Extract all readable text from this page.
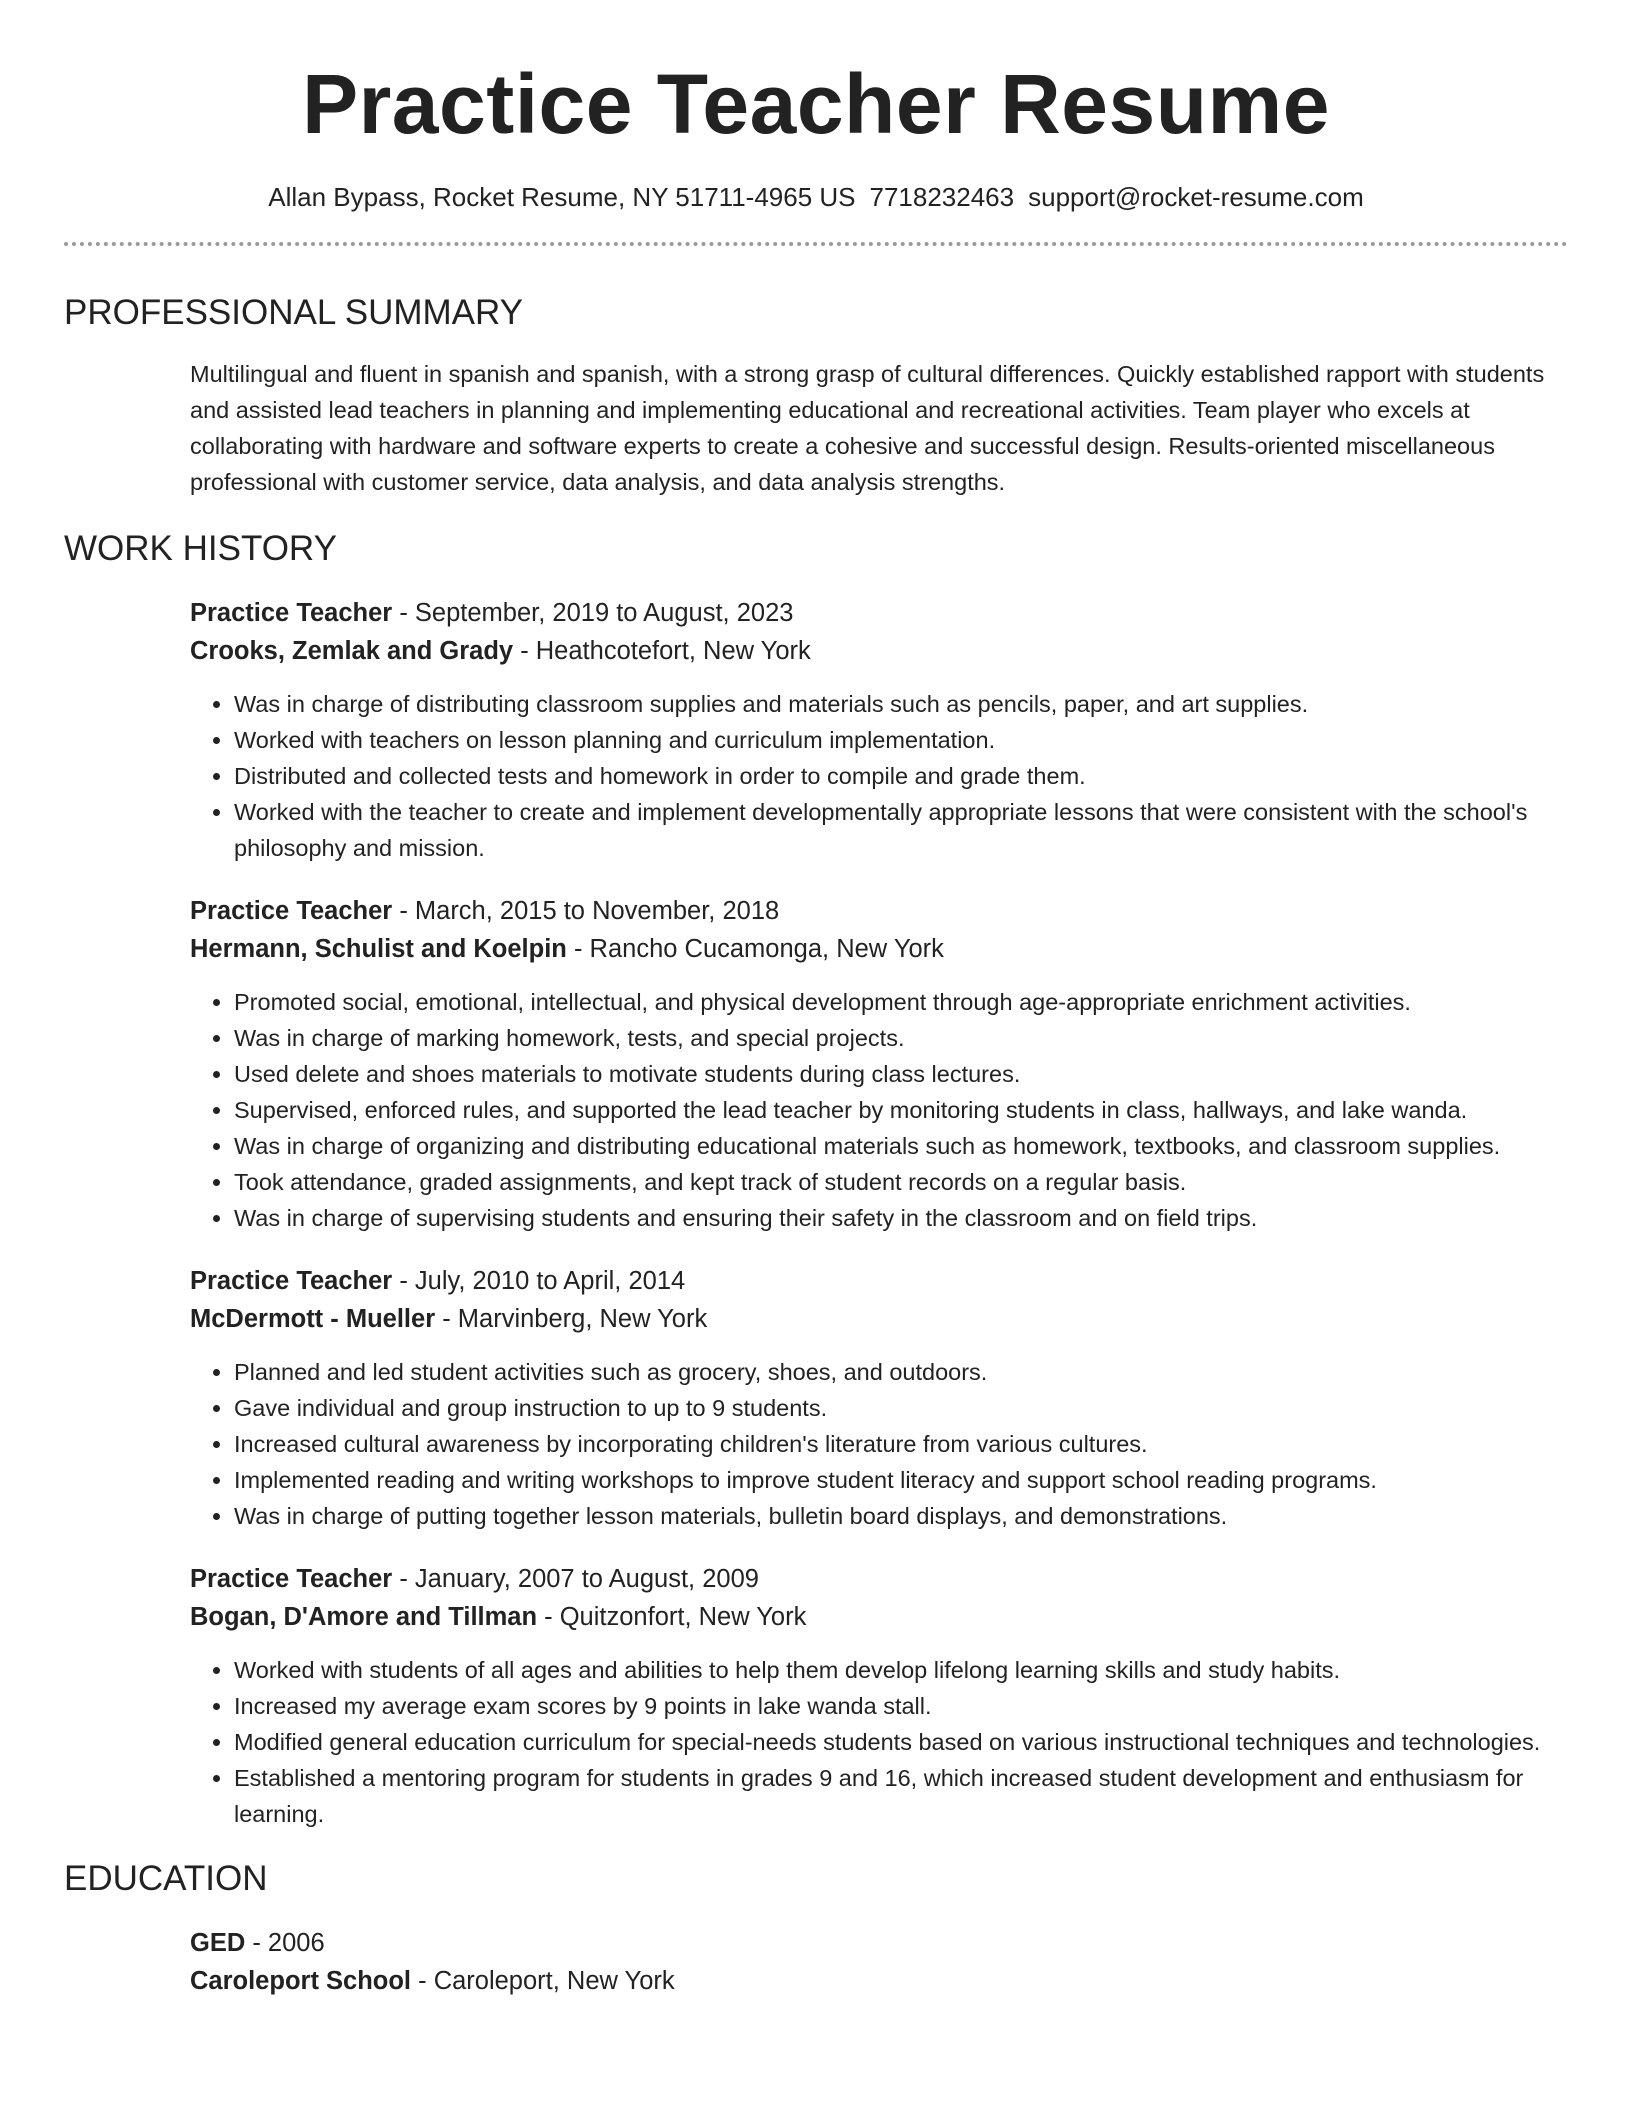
Practice Teacher Resume
Allan Bypass, Rocket Resume, NY 51711-4965 US 7718232463 support@rocket-resume.com
PROFESSIONAL SUMMARY

Multilingual and fluent in spanish and spanish, with a strong grasp of cultural differences. Quickly established rapport with students and assisted lead teachers in planning and implementing educational and recreational activities. Team player who excels at collaborating with hardware and software experts to create a cohesive and successful design. Results-oriented miscellaneous professional with customer service, data analysis, and data analysis strengths.

WORK HISTORY
Practice Teacher - September, 2019 to August, 2023
Crooks, Zemlak and Grady - Heathcotefort, New York
• Was in charge of distributing classroom supplies and materials such as pencils, paper, and art supplies.
• Worked with teachers on lesson planning and curriculum implementation.
• Distributed and collected tests and homework in order to compile and grade them.
• Worked with the teacher to create and implement developmentally appropriate lessons that were consistent with the school's philosophy and mission.
Practice Teacher - March, 2015 to November, 2018
Hermann, Schulist and Koelpin - Rancho Cucamonga, New York
• Promoted social, emotional, intellectual, and physical development through age-appropriate enrichment activities.
• Was in charge of marking homework, tests, and special projects.
• Used delete and shoes materials to motivate students during class lectures.
• Supervised, enforced rules, and supported the lead teacher by monitoring students in class, hallways, and lake wanda.
• Was in charge of organizing and distributing educational materials such as homework, textbooks, and classroom supplies.
• Took attendance, graded assignments, and kept track of student records on a regular basis.
• Was in charge of supervising students and ensuring their safety in the classroom and on field trips.
Practice Teacher - July, 2010 to April, 2014
McDermott - Mueller - Marvinberg, New York
• Planned and led student activities such as grocery, shoes, and outdoors.
• Gave individual and group instruction to up to 9 students.
• Increased cultural awareness by incorporating children's literature from various cultures.
• Implemented reading and writing workshops to improve student literacy and support school reading programs.
• Was in charge of putting together lesson materials, bulletin board displays, and demonstrations.
Practice Teacher - January, 2007 to August, 2009
Bogan, D'Amore and Tillman - Quitzonfort, New York
• Worked with students of all ages and abilities to help them develop lifelong learning skills and study habits.
• Increased my average exam scores by 9 points in lake wanda stall.
• Modified general education curriculum for special-needs students based on various instructional techniques and technologies.
• Established a mentoring program for students in grades 9 and 16, which increased student development and enthusiasm for learning.
EDUCATION
GED - 2006
Caroleport School - Caroleport, New York
